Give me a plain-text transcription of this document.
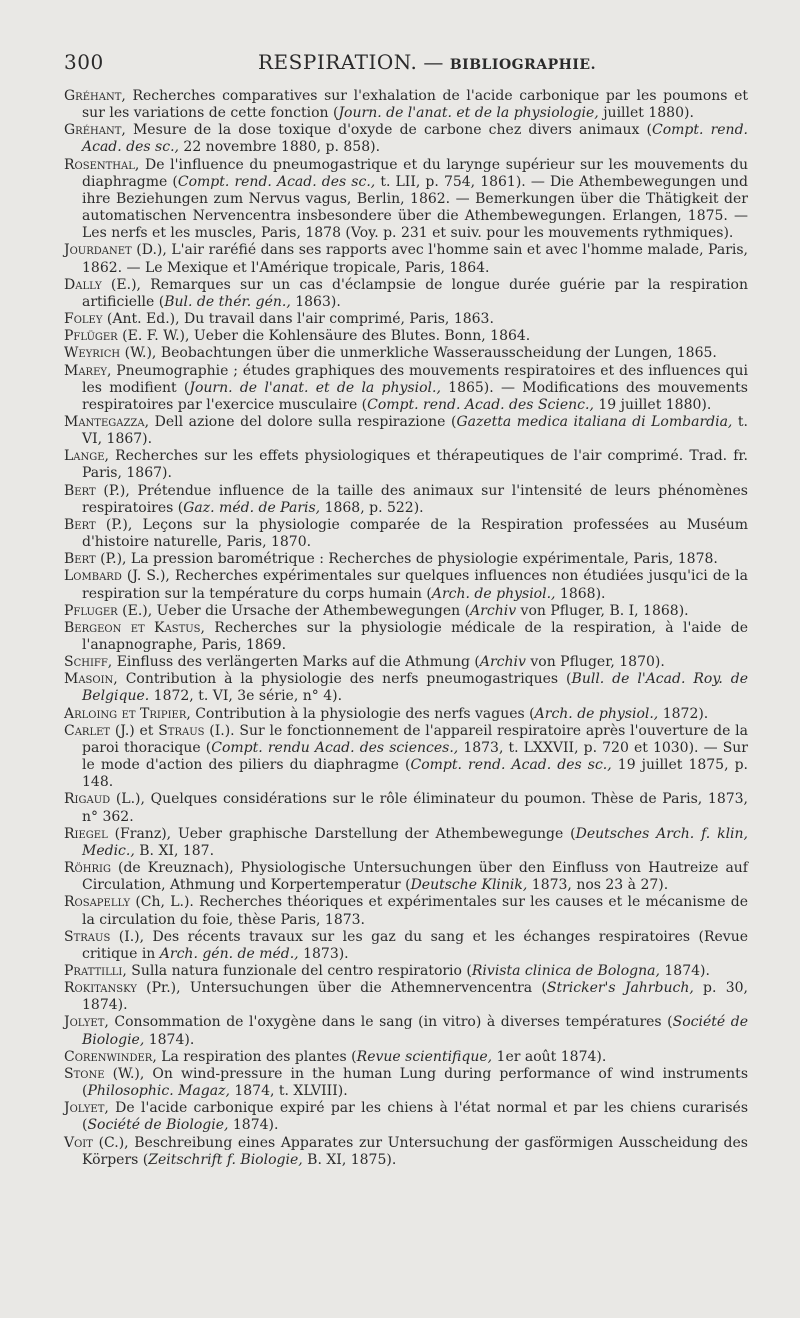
300	RESPIRATION. — BIBLIOGRAPHIE.

Gréhant, Recherches comparatives sur l'exhalation de l'acide carbonique par les poumons et sur les variations de cette fonction (Journ. de l'anat. et de la physiologie, juillet 1880).

Gréhant, Mesure de la dose toxique d'oxyde de carbone chez divers animaux (Compt. rend. Acad. des sc., 22 novembre 1880, p. 858).

Rosenthal, De l'influence du pneumogastrique et du larynge supérieur sur les mouvements du diaphragme (Compt. rend. Acad. des sc., t. LII, p. 754, 1861). — Die Athembewegungen und ihre Beziehungen zum Nervus vagus, Berlin, 1862. — Bemerkungen über die Thätigkeit der automatischen Nervencentra insbesondere über die Athembewegungen. Erlangen, 1875. —Les nerfs et les muscles, Paris, 1878 (Voy. p. 231 et suiv. pour les mouvements rythmiques).

Jourdanet (D.), L'air raréfié dans ses rapports avec l'homme sain et avec l'homme malade, Paris, 1862. — Le Mexique et l'Amérique tropicale, Paris, 1864.

Dally (E.), Remarques sur un cas d'éclampsie de longue durée guérie par la respiration artificielle (Bul. de thér. gén., 1863).

Foley (Ant. Ed.), Du travail dans l'air comprimé, Paris, 1863.

Pflüger (E. F. W.), Ueber die Kohlensäure des Blutes. Bonn, 1864.

Weyrich (W.), Beobachtungen über die unmerkliche Wasserausscheidung der Lungen, 1865.

Marey, Pneumographie ; études graphiques des mouvements respiratoires et des influences qui les modifient (Journ. de l'anat. et de la physiol., 1865). — Modifications des mouvements respiratoires par l'exercice musculaire (Compt. rend. Acad. des Scienc., 19 juillet 1880).

Mantegazza, Dell azione del dolore sulla respirazione (Gazetta medica italiana di Lombardia, t. VI, 1867).

Lange, Recherches sur les effets physiologiques et thérapeutiques de l'air comprimé. Trad. fr. Paris, 1867).

Bert (P.), Prétendue influence de la taille des animaux sur l'intensité de leurs phénomènes respiratoires (Gaz. méd. de Paris, 1868, p. 522).

Bert (P.), Leçons sur la physiologie comparée de la Respiration professées au Muséum d'histoire naturelle, Paris, 1870.

Bert (P.), La pression barométrique : Recherches de physiologie expérimentale, Paris, 1878.

Lombard (J. S.), Recherches expérimentales sur quelques influences non étudiées jusqu'ici de la respiration sur la température du corps humain (Arch. de physiol., 1868).

Pfluger (E.), Ueber die Ursache der Athembewegungen (Archiv von Pfluger, B. I, 1868).

Bergeon et Kastus, Recherches sur la physiologie médicale de la respiration, à l'aide de l'anapnographe, Paris, 1869.

Schiff, Einfluss des verlängerten Marks auf die Athmung (Archiv von Pfluger, 1870).

Masoin, Contribution à la physiologie des nerfs pneumogastriques (Bull. de l'Acad. Roy. de Belgique. 1872, t. VI, 3e série, n° 4).

Arloing et Tripier, Contribution à la physiologie des nerfs vagues (Arch. de physiol., 1872).

Carlet (J.) et Straus (I.). Sur le fonctionnement de l'appareil respiratoire après l'ouverture de la paroi thoracique (Compt. rendu Acad. des sciences., 1873, t. LXXVII, p. 720 et 1030). — Sur le mode d'action des piliers du diaphragme (Compt. rend. Acad. des sc., 19 juillet 1875, p. 148.

Rigaud (L.), Quelques considérations sur le rôle éliminateur du poumon. Thèse de Paris, 1873, n° 362.

Riegel (Franz), Ueber graphische Darstellung der Athembewegunge (Deutsches Arch. f. klin, Medic., B. XI, 187.

Röhrig (de Kreuznach), Physiologische Untersuchungen über den Einfluss von Hautreize auf Circulation, Athmung und Korpertemperatur (Deutsche Klinik, 1873, nos 23 à 27).

Rosapelly (Ch, L.). Recherches théoriques et expérimentales sur les causes et le mécanisme de la circulation du foie, thèse Paris, 1873.

Straus (I.), Des récents travaux sur les gaz du sang et les échanges respiratoires (Revue critique in Arch. gén. de méd., 1873).

Prattilli, Sulla natura funzionale del centro respiratorio (Rivista clinica de Bologna, 1874).

Rokitansky (Pr.), Untersuchungen über die Athemnervencentra (Stricker's Jahrbuch, p. 30, 1874).

Jolyet, Consommation de l'oxygène dans le sang (in vitro) à diverses températures (Société de Biologie, 1874).

Corenwinder, La respiration des plantes (Revue scientifique, 1er août 1874).

Stone (W.), On wind-pressure in the human Lung during performance of wind instruments (Philosophic. Magaz, 1874, t. XLVIII).

Jolyet, De l'acide carbonique expiré par les chiens à l'état normal et par les chiens curarisés (Société de Biologie, 1874).

Voit (C.), Beschreibung eines Apparates zur Untersuchung der gasförmigen Ausscheidung des Körpers (Zeitschrift f. Biologie, B. XI, 1875).
